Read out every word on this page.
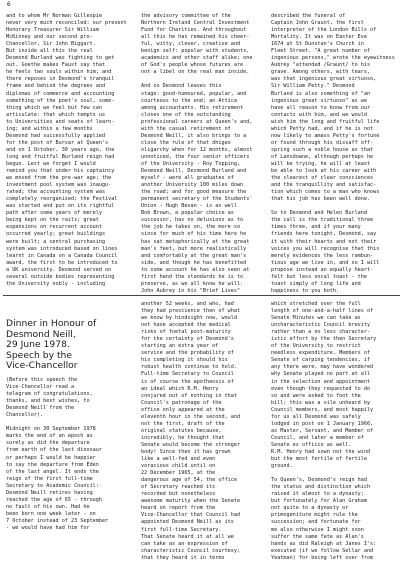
6
and to whom Mr Norman Gillespie
never very much reconciled: our present
Honorary Treasurer Sir William
McKinney and our second pro-
Chancellor, Sir John Biggart.
But inside all this the real
Desmond Burland was fighting to get
out. Goethe makes Faust say that
he feels two souls within him; and
there reposes in Desmond's tranquil
frame and behind the degrees and
diplomas of commerce and accounting
something of the poet's soul, some-
thing which we feel but few can
articulate: that which tempts us
to Universities and seats of learn-
ing; and within a few months
Desmond had successfully applied
for the post of Bursar at Queen's
and on 1 October, 30 years ago, the
long and fruitful Burland reign had
begun. Lest we forget I would
remind you that under his captaincy
we moved from the pre-war age; the
investment pool system was inaugu-
rated; the accounting system was
completely reorganised; the Festival
was started and put on its rightful
path after some years of merely
being kept on the rails; great
expansions on recurrent account
occurred yearly; great buildings
were built; a central purchasing
system was introduced based on lines
learnt in Canada on a Canada Council
award, the first to be introduced to
a UK university. Desmond served on
several outside bodies representing
the University nobly - including
the advisory committee of the
Northern Ireland Central Investment
Fund for Charities. And throughout
all this he has remained his cheer-
ful, witty, clever, creative and
benign self: popular with students,
academics and other staff alike; one
of God's people whose futures are
not a libel on the real man inside.

And so Desmond leaves this
stage: good-humoured, popular, and
courteous to the end; an Attica
among accountants. His retirement
closes one of the outstanding
professional careers at Queen's and,
with the casual retirement of
Desmond Neill, it also brings to a
close the rule of that dhigeo
oligarchy when for 12 months, almost
unnoticed, the four senior officers
of the University - Roy Topping,
Desmond Neill, Desmond Burland and
myself - were all graduates of
another University 100 miles down
the road; and for good measure the
permanent secretary of the Students'
Union - Hugh Bevan - is as well
Bob Brown, a popular choice as
successor, has no delusions as to
the job he takes on, the more so
since for much of his time here he
has sat metaphorically at the great
man's feet, but more realistically
and comfortably at the great man's
side, and though he has benefitted
to some account he has also seen at
first hand the standards he is to
preserve, as we all know he will.
John Aubrey in his "Brief Lives"
described the funeral of
Captain John Graunt, the first
interpreter of the London Bills of
Mortality. It was on Easter Eve
1674 at St Dunstan's Church in
Fleet Street. "A great number of
ingenious persons," wrote the eyewitness
Aubrey "attended /Graunt/ to his
grave. Among others, with tears,
was that ingenious great virtuoso,
Sir William Petty." Desmond
Burland is also something of "an
ingenious great virtuoso" as we
have all reason to know from our
contacts with him, and we would
wish him the long and fruitful life
which Petty had, and if he is not
now likely to amass Petty's fortune
or found through his dissaff off-
spring such a noble house as that
of Lansdowne, although perhaps he
will be trying, he will at least
be able to look at his career with
the clearest of clear consciences
and the tranquillity and satisfac-
tion which comes to a man who knows
that his job has been well done.

So to Desmond and Helen Burland
the call is the traditional three
times three, and if your many
friends here tonight, Desmond, say
it with their hearts and not their
voices you will recognise that this
merely evidences the less rambun-
tious age we live in, and so I will
propose instead an equally heart-
felt but less vocal toast - the
toast simply of long life and
happiness to you both.
Dinner in Honour of
Desmond Neill,
29 June 1978.
Speech by the
Vice-Chancellor
(Before this speech the
Vice-Chancellor read a
telegram of congratulations,
thanks, and best wishes, to
Desmond Neill from the
Chancellor).

Midnight on 30 September 1978
marks the end of an epoch as
surely as did the departure
from earth of the last dinosaur
or perhaps I would be happier
to say the departure from Eden
of the last angel. It ends the
reign of the first full-time
Secretary to Academic Council:
Desmond Neill retires having
reached the age of 65 - through
no fault of his own. Had he
been born one week later - on
7 October instead of 23 September
- we would have had him for
another 52 weeks, and who, had
they had prescience then of what
we know by hindsight now, would
not have accepted the medical
risks of foetal post-maturity
for the certainty of Desmond's
starting an extra year of
service and the probability of
his completing it should his
robust health continue to hold.
Full-time Secretary to Council
is of course the apotheosis of
an ideal which R.M. Henry
conjured out of nothing in that
Council's patronage of the
office only appeared at the
eleventh hour in the second, and
not the first, draft of the
original statutes because,
incredibly, he thought that
Senate would become the stronger
body! Since then it has grown
like a well-fed and even
voracious child until on
22 December 1965, at the
dangerous age of 54, the office
of Secretary reached its
recorded but nonetheless
awesome maturity when the Senate
heard on report from the
Vice-Chancellor that Council had
appointed Desmond Neill as its
first full-time Secretary.
That Senate heard it at all we
can take as an expression of
characteristic Council courtesy;
that they heard it in terms
which stretched over the full
length of one-and-a-half lines of
Senate Minutes we can take as
uncharacteristic Council brevity
rather than a no less character-
istic effort by the then Secretary
of the University to restrict
needless expenditure. Members of
Senate of carping tendencies, if
any there were, may have wondered
why Senate played no part at all
in the selection and appointment
even though they requested to do
so and were asked to foot the
bill; this was a vile unheard by
Council members, and most happily
for us all Desmond was safely
lodged in post on 1 January 1966,
as Master, Servant, and Member of
Council, and later a member of
Senate ex officio as well.
R.M. Henry had sown not the wind
but the most fertile of fertile
ground.

To Queen's, Desmond's reign had
the status and distinction which
raised it almost to a dynasty;
but fortunately for Alan Graham
not quite to a dynasty or
primogeniture might rule the
succession; and fortunate for
me also otherwise I might soon
suffer the same fate as Alan's
hands as did Raleigh at Janes I's:
executed (if we follow Sellar and
Yeatman) for being left over from
